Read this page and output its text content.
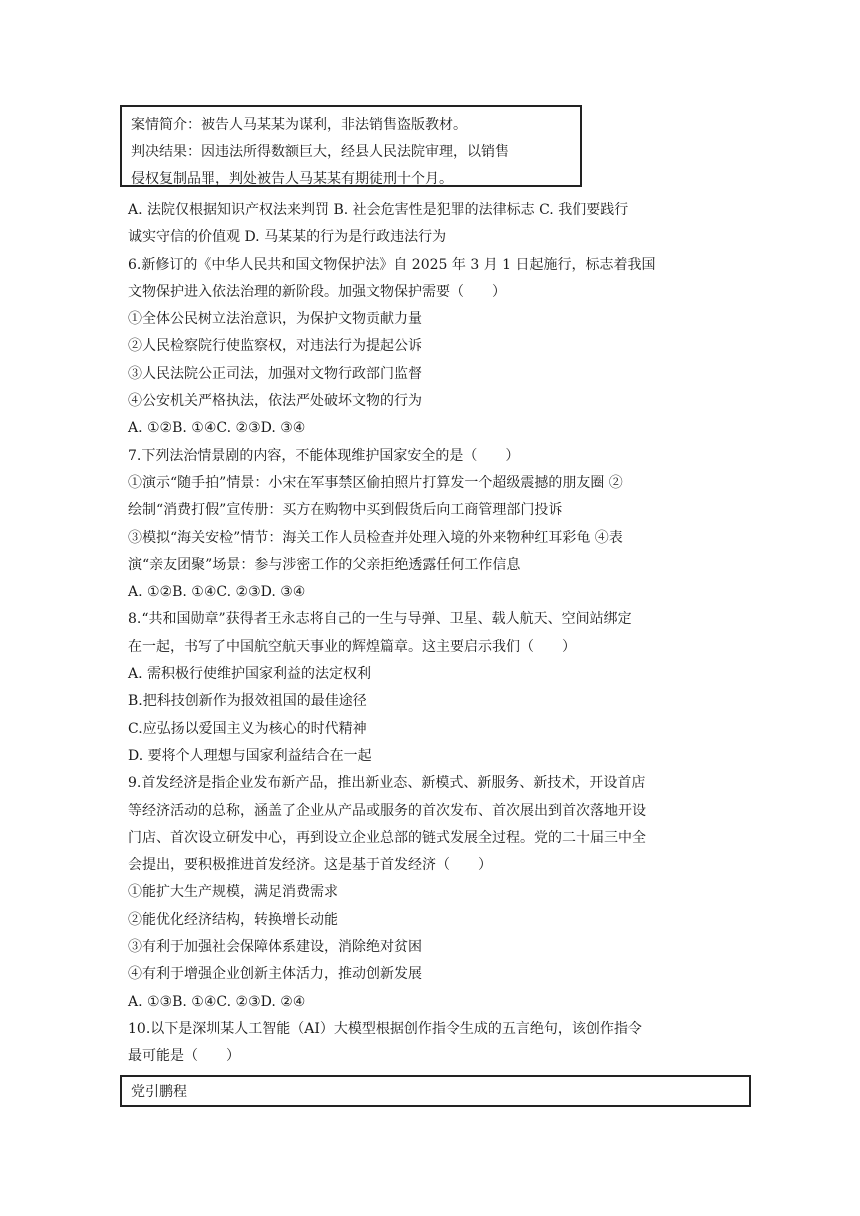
案情简介：被告人马某某为谋利，非法销售盗版教材。
判决结果：因违法所得数额巨大，经县人民法院审理，以销售
侵权复制品罪，判处被告人马某某有期徒刑十个月。
A. 法院仅根据知识产权法来判罚 B. 社会危害性是犯罪的法律标志 C. 我们要践行
诚实守信的价值观 D. 马某某的行为是行政违法行为
6.新修订的《中华人民共和国文物保护法》自 2025 年 3 月 1 日起施行，标志着我国
文物保护进入依法治理的新阶段。加强文物保护需要（　　）
①全体公民树立法治意识，为保护文物贡献力量
②人民检察院行使监察权，对违法行为提起公诉
③人民法院公正司法，加强对文物行政部门监督
④公安机关严格执法，依法严处破坏文物的行为
A. ①②B. ①④C. ②③D. ③④
7.下列法治情景剧的内容，不能体现维护国家安全的是（　　）
①演示“随手拍”情景：小宋在军事禁区偷拍照片打算发一个超级震撼的朋友圈 ②
绘制“消费打假”宣传册：买方在购物中买到假货后向工商管理部门投诉
③模拟“海关安检”情节：海关工作人员检查并处理入境的外来物种红耳彩龟 ④表
演“亲友团聚”场景：参与涉密工作的父亲拒绝透露任何工作信息
A. ①②B. ①④C. ②③D. ③④
8.“共和国勋章”获得者王永志将自己的一生与导弹、卫星、载人航天、空间站绑定
在一起，书写了中国航空航天事业的辉煌篇章。这主要启示我们（　　）
A. 需积极行使维护国家利益的法定权利
B.把科技创新作为报效祖国的最佳途径
C.应弘扬以爱国主义为核心的时代精神
D. 要将个人理想与国家利益结合在一起
9.首发经济是指企业发布新产品，推出新业态、新模式、新服务、新技术，开设首店
等经济活动的总称，涵盖了企业从产品或服务的首次发布、首次展出到首次落地开设
门店、首次设立研发中心，再到设立企业总部的链式发展全过程。党的二十届三中全
会提出，要积极推进首发经济。这是基于首发经济（　　）
①能扩大生产规模，满足消费需求
②能优化经济结构，转换增长动能
③有利于加强社会保障体系建设，消除绝对贫困
④有利于增强企业创新主体活力，推动创新发展
A. ①③B. ①④C. ②③D. ②④
10.以下是深圳某人工智能（AI）大模型根据创作指令生成的五言绝句，该创作指令
最可能是（　　）
党引鹏程
